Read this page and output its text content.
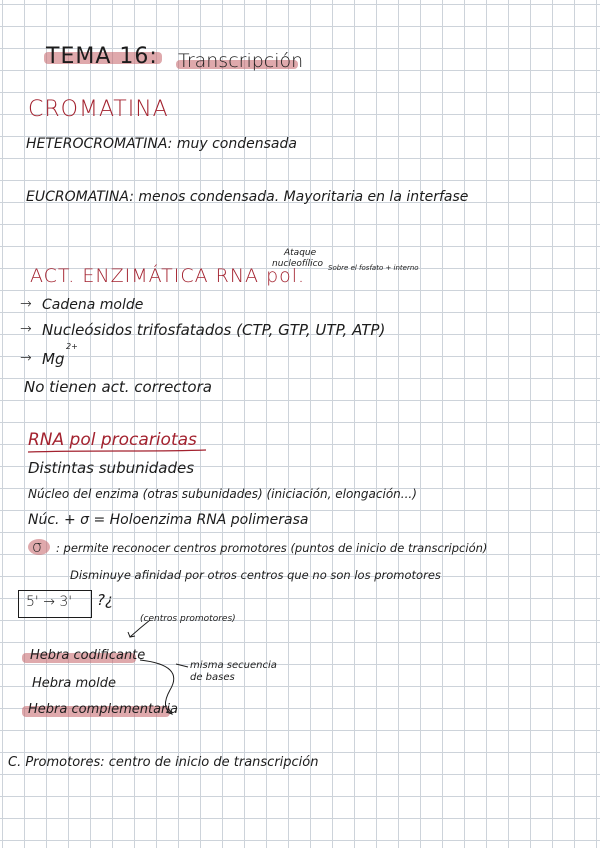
TEMA 16: Transcripción
CROMATINA
HETEROCROMATINA: muy condensada
EUCROMATINA: menos condensada. Mayoritaria en la interfase
Ataque
nucleofílico Sobre el fosfato + interno
ACT. ENZIMÁTICA RNA pol.
→ Cadena molde
→ Nucleósidos trifosfatados (CTP, GTP, UTP, ATP)
→ Mg
2+
No tienen act. correctora
RNA pol procariotas
Distintas subunidades
Núcleo del enzima (otras subunidades) (iniciación, elongación...)
Núc. + σ = Holoenzima RNA polimerasa
σ : permite reconocer centros promotores (puntos de inicio de transcripción)
Disminuye afinidad por otros centros que no son los promotores
5' → 3' ?¿
(centros promotores)
Hebra codificante
Hebra molde
Hebra complementaria
misma secuencia de bases
C. Promotores: centro de inicio de transcripción
